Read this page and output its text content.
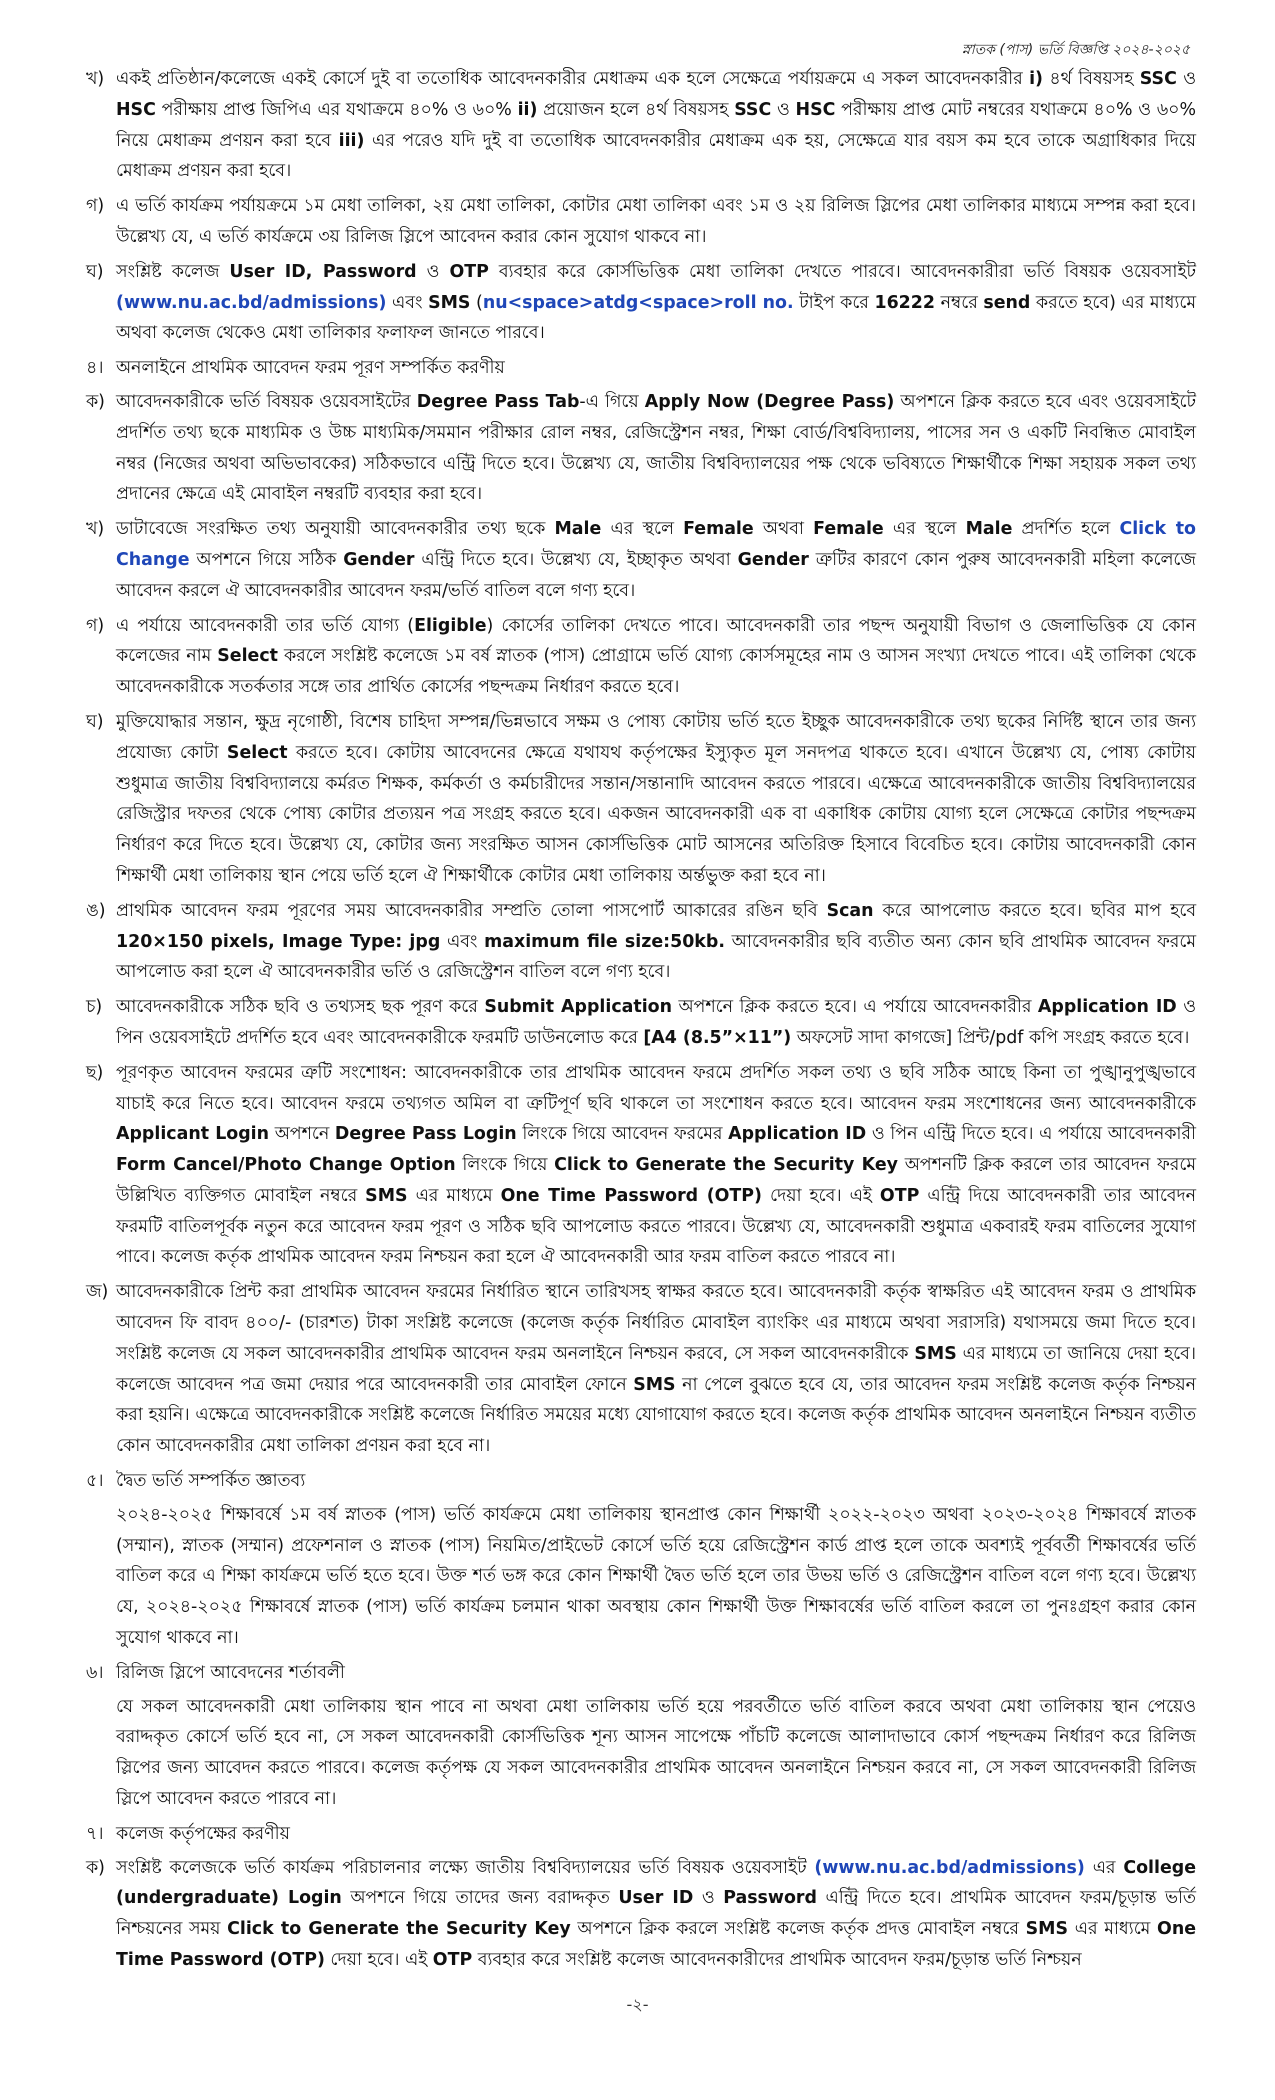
স্নাতক (পাস) ভর্তি বিজ্ঞপ্তি ২০২৪-২০২৫
খ) একই প্রতিষ্ঠান/কলেজে একই কোর্সে দুই বা ততোধিক আবেদনকারীর মেধাক্রম এক হলে সেক্ষেত্রে পর্যায়ক্রমে এ সকল আবেদনকারীর i) ৪র্থ বিষয়সহ SSC ও HSC পরীক্ষায় প্রাপ্ত জিপিএ এর যথাক্রমে ৪০% ও ৬০% ii) প্রয়োজন হলে ৪র্থ বিষয়সহ SSC ও HSC পরীক্ষায় প্রাপ্ত মোট নম্বরের যথাক্রমে ৪০% ও ৬০% নিয়ে মেধাক্রম প্রণয়ন করা হবে iii) এর পরেও যদি দুই বা ততোধিক আবেদনকারীর মেধাক্রম এক হয়, সেক্ষেত্রে যার বয়স কম হবে তাকে অগ্রাধিকার দিয়ে মেধাক্রম প্রণয়ন করা হবে।
গ) এ ভর্তি কার্যক্রম পর্যায়ক্রমে ১ম মেধা তালিকা, ২য় মেধা তালিকা, কোটার মেধা তালিকা এবং ১ম ও ২য় রিলিজ স্লিপের মেধা তালিকার মাধ্যমে সম্পন্ন করা হবে। উল্লেখ্য যে, এ ভর্তি কার্যক্রমে ৩য় রিলিজ স্লিপে আবেদন করার কোন সুযোগ থাকবে না।
ঘ) সংশ্লিষ্ট কলেজ User ID, Password ও OTP ব্যবহার করে কোর্সভিত্তিক মেধা তালিকা দেখতে পারবে। আবেদনকারীরা ভর্তি বিষয়ক ওয়েবসাইট (www.nu.ac.bd/admissions) এবং SMS (nu<space>atdg<space>roll no. টাইপ করে 16222 নম্বরে send করতে হবে) এর মাধ্যমে অথবা কলেজ থেকেও মেধা তালিকার ফলাফল জানতে পারবে।
৪। অনলাইনে প্রাথমিক আবেদন ফরম পূরণ সম্পর্কিত করণীয়
ক) আবেদনকারীকে ভর্তি বিষয়ক ওয়েবসাইটের Degree Pass Tab-এ গিয়ে Apply Now (Degree Pass) অপশনে ক্লিক করতে হবে এবং ওয়েবসাইটে প্রদর্শিত তথ্য ছকে মাধ্যমিক ও উচ্চ মাধ্যমিক/সমমান পরীক্ষার রোল নম্বর, রেজিস্ট্রেশন নম্বর, শিক্ষা বোর্ড/বিশ্ববিদ্যালয়, পাসের সন ও একটি নিবন্ধিত মোবাইল নম্বর (নিজের অথবা অভিভাবকের) সঠিকভাবে এন্ট্রি দিতে হবে। উল্লেখ্য যে, জাতীয় বিশ্ববিদ্যালয়ের পক্ষ থেকে ভবিষ্যতে শিক্ষার্থীকে শিক্ষা সহায়ক সকল তথ্য প্রদানের ক্ষেত্রে এই মোবাইল নম্বরটি ব্যবহার করা হবে।
খ) ডাটাবেজে সংরক্ষিত তথ্য অনুযায়ী আবেদনকারীর তথ্য ছকে Male এর স্থলে Female অথবা Female এর স্থলে Male প্রদর্শিত হলে Click to Change অপশনে গিয়ে সঠিক Gender এন্ট্রি দিতে হবে। উল্লেখ্য যে, ইচ্ছাকৃত অথবা Gender ত্রুটির কারণে কোন পুরুষ আবেদনকারী মহিলা কলেজে আবেদন করলে ঐ আবেদনকারীর আবেদন ফরম/ভর্তি বাতিল বলে গণ্য হবে।
গ) এ পর্যায়ে আবেদনকারী তার ভর্তি যোগ্য (Eligible) কোর্সের তালিকা দেখতে পাবে। আবেদনকারী তার পছন্দ অনুযায়ী বিভাগ ও জেলাভিত্তিক যে কোন কলেজের নাম Select করলে সংশ্লিষ্ট কলেজে ১ম বর্ষ স্নাতক (পাস) প্রোগ্রামে ভর্তি যোগ্য কোর্সসমূহের নাম ও আসন সংখ্যা দেখতে পাবে। এই তালিকা থেকে আবেদনকারীকে সতর্কতার সঙ্গে তার প্রার্থিত কোর্সের পছন্দক্রম নির্ধারণ করতে হবে।
ঘ) মুক্তিযোদ্ধার সন্তান, ক্ষুদ্র নৃগোষ্ঠী, বিশেষ চাহিদা সম্পন্ন/ভিন্নভাবে সক্ষম ও পোষ্য কোটায় ভর্তি হতে ইচ্ছুক আবেদনকারীকে তথ্য ছকের নির্দিষ্ট স্থানে তার জন্য প্রযোজ্য কোটা Select করতে হবে। কোটায় আবেদনের ক্ষেত্রে যথাযথ কর্তৃপক্ষের ইস্যুকৃত মূল সনদপত্র থাকতে হবে। এখানে উল্লেখ্য যে, পোষ্য কোটায় শুধুমাত্র জাতীয় বিশ্ববিদ্যালয়ে কর্মরত শিক্ষক, কর্মকর্তা ও কর্মচারীদের সন্তান/সন্তানাদি আবেদন করতে পারবে। এক্ষেত্রে আবেদনকারীকে জাতীয় বিশ্ববিদ্যালয়ের রেজিস্ট্রার দফতর থেকে পোষ্য কোটার প্রত্যয়ন পত্র সংগ্রহ করতে হবে। একজন আবেদনকারী এক বা একাধিক কোটায় যোগ্য হলে সেক্ষেত্রে কোটার পছন্দক্রম নির্ধারণ করে দিতে হবে। উল্লেখ্য যে, কোটার জন্য সংরক্ষিত আসন কোর্সভিত্তিক মোট আসনের অতিরিক্ত হিসাবে বিবেচিত হবে। কোটায় আবেদনকারী কোন শিক্ষার্থী মেধা তালিকায় স্থান পেয়ে ভর্তি হলে ঐ শিক্ষার্থীকে কোটার মেধা তালিকায় অর্ন্তভুক্ত করা হবে না।
ঙ) প্রাথমিক আবেদন ফরম পূরণের সময় আবেদনকারীর সম্প্রতি তোলা পাসপোর্ট আকারের রঙিন ছবি Scan করে আপলোড করতে হবে। ছবির মাপ হবে 120×150 pixels, Image Type: jpg এবং maximum file size:50kb. আবেদনকারীর ছবি ব্যতীত অন্য কোন ছবি প্রাথমিক আবেদন ফরমে আপলোড করা হলে ঐ আবেদনকারীর ভর্তি ও রেজিস্ট্রেশন বাতিল বলে গণ্য হবে।
চ) আবেদনকারীকে সঠিক ছবি ও তথ্যসহ ছক পূরণ করে Submit Application অপশনে ক্লিক করতে হবে। এ পর্যায়ে আবেদনকারীর Application ID ও পিন ওয়েবসাইটে প্রদর্শিত হবে এবং আবেদনকারীকে ফরমটি ডাউনলোড করে [A4 (8.5”×11”) অফসেট সাদা কাগজে] প্রিন্ট/pdf কপি সংগ্রহ করতে হবে।
ছ) পূরণকৃত আবেদন ফরমের ত্রুটি সংশোধন: আবেদনকারীকে তার প্রাথমিক আবেদন ফরমে প্রদর্শিত সকল তথ্য ও ছবি সঠিক আছে কিনা তা পুঙ্খানুপুঙ্খভাবে যাচাই করে নিতে হবে। আবেদন ফরমে তথ্যগত অমিল বা ত্রুটিপূর্ণ ছবি থাকলে তা সংশোধন করতে হবে। আবেদন ফরম সংশোধনের জন্য আবেদনকারীকে Applicant Login অপশনে Degree Pass Login লিংকে গিয়ে আবেদন ফরমের Application ID ও পিন এন্ট্রি দিতে হবে। এ পর্যায়ে আবেদনকারী Form Cancel/Photo Change Option লিংকে গিয়ে Click to Generate the Security Key অপশনটি ক্লিক করলে তার আবেদন ফরমে উল্লিখিত ব্যক্তিগত মোবাইল নম্বরে SMS এর মাধ্যমে One Time Password (OTP) দেয়া হবে। এই OTP এন্ট্রি দিয়ে আবেদনকারী তার আবেদন ফরমটি বাতিলপূর্বক নতুন করে আবেদন ফরম পূরণ ও সঠিক ছবি আপলোড করতে পারবে। উল্লেখ্য যে, আবেদনকারী শুধুমাত্র একবারই ফরম বাতিলের সুযোগ পাবে। কলেজ কর্তৃক প্রাথমিক আবেদন ফরম নিশ্চয়ন করা হলে ঐ আবেদনকারী আর ফরম বাতিল করতে পারবে না।
জ) আবেদনকারীকে প্রিন্ট করা প্রাথমিক আবেদন ফরমের নির্ধারিত স্থানে তারিখসহ স্বাক্ষর করতে হবে। আবেদনকারী কর্তৃক স্বাক্ষরিত এই আবেদন ফরম ও প্রাথমিক আবেদন ফি বাবদ ৪০০/- (চারশত) টাকা সংশ্লিষ্ট কলেজে (কলেজ কর্তৃক নির্ধারিত মোবাইল ব্যাংকিং এর মাধ্যমে অথবা সরাসরি) যথাসময়ে জমা দিতে হবে। সংশ্লিষ্ট কলেজ যে সকল আবেদনকারীর প্রাথমিক আবেদন ফরম অনলাইনে নিশ্চয়ন করবে, সে সকল আবেদনকারীকে SMS এর মাধ্যমে তা জানিয়ে দেয়া হবে। কলেজে আবেদন পত্র জমা দেয়ার পরে আবেদনকারী তার মোবাইল ফোনে SMS না পেলে বুঝতে হবে যে, তার আবেদন ফরম সংশ্লিষ্ট কলেজ কর্তৃক নিশ্চয়ন করা হয়নি। এক্ষেত্রে আবেদনকারীকে সংশ্লিষ্ট কলেজে নির্ধারিত সময়ের মধ্যে যোগাযোগ করতে হবে। কলেজ কর্তৃক প্রাথমিক আবেদন অনলাইনে নিশ্চয়ন ব্যতীত কোন আবেদনকারীর মেধা তালিকা প্রণয়ন করা হবে না।
৫। দ্বৈত ভর্তি সম্পর্কিত জ্ঞাতব্য
২০২৪-২০২৫ শিক্ষাবর্ষে ১ম বর্ষ স্নাতক (পাস) ভর্তি কার্যক্রমে মেধা তালিকায় স্থানপ্রাপ্ত কোন শিক্ষার্থী ২০২২-২০২৩ অথবা ২০২৩-২০২৪ শিক্ষাবর্ষে স্নাতক (সম্মান), স্নাতক (সম্মান) প্রফেশনাল ও স্নাতক (পাস) নিয়মিত/প্রাইভেট কোর্সে ভর্তি হয়ে রেজিস্ট্রেশন কার্ড প্রাপ্ত হলে তাকে অবশ্যই পূর্ববর্তী শিক্ষাবর্ষের ভর্তি বাতিল করে এ শিক্ষা কার্যক্রমে ভর্তি হতে হবে। উক্ত শর্ত ভঙ্গ করে কোন শিক্ষার্থী দ্বৈত ভর্তি হলে তার উভয় ভর্তি ও রেজিস্ট্রেশন বাতিল বলে গণ্য হবে। উল্লেখ্য যে, ২০২৪-২০২৫ শিক্ষাবর্ষে স্নাতক (পাস) ভর্তি কার্যক্রম চলমান থাকা অবস্থায় কোন শিক্ষার্থী উক্ত শিক্ষাবর্ষের ভর্তি বাতিল করলে তা পুনঃগ্রহণ করার কোন সুযোগ থাকবে না।
৬। রিলিজ স্লিপে আবেদনের শর্তাবলী
যে সকল আবেদনকারী মেধা তালিকায় স্থান পাবে না অথবা মেধা তালিকায় ভর্তি হয়ে পরবর্তীতে ভর্তি বাতিল করবে অথবা মেধা তালিকায় স্থান পেয়েও বরাদ্দকৃত কোর্সে ভর্তি হবে না, সে সকল আবেদনকারী কোর্সভিত্তিক শূন্য আসন সাপেক্ষে পাঁচটি কলেজে আলাদাভাবে কোর্স পছন্দক্রম নির্ধারণ করে রিলিজ স্লিপের জন্য আবেদন করতে পারবে। কলেজ কর্তৃপক্ষ যে সকল আবেদনকারীর প্রাথমিক আবেদন অনলাইনে নিশ্চয়ন করবে না, সে সকল আবেদনকারী রিলিজ স্লিপে আবেদন করতে পারবে না।
৭। কলেজ কর্তৃপক্ষের করণীয়
ক) সংশ্লিষ্ট কলেজকে ভর্তি কার্যক্রম পরিচালনার লক্ষ্যে জাতীয় বিশ্ববিদ্যালয়ের ভর্তি বিষয়ক ওয়েবসাইট (www.nu.ac.bd/admissions) এর College (undergraduate) Login অপশনে গিয়ে তাদের জন্য বরাদ্দকৃত User ID ও Password এন্ট্রি দিতে হবে। প্রাথমিক আবেদন ফরম/চূড়ান্ত ভর্তি নিশ্চয়নের সময় Click to Generate the Security Key অপশনে ক্লিক করলে সংশ্লিষ্ট কলেজ কর্তৃক প্রদত্ত মোবাইল নম্বরে SMS এর মাধ্যমে One Time Password (OTP) দেয়া হবে। এই OTP ব্যবহার করে সংশ্লিষ্ট কলেজ আবেদনকারীদের প্রাথমিক আবেদন ফরম/চূড়ান্ত ভর্তি নিশ্চয়ন
-২-
